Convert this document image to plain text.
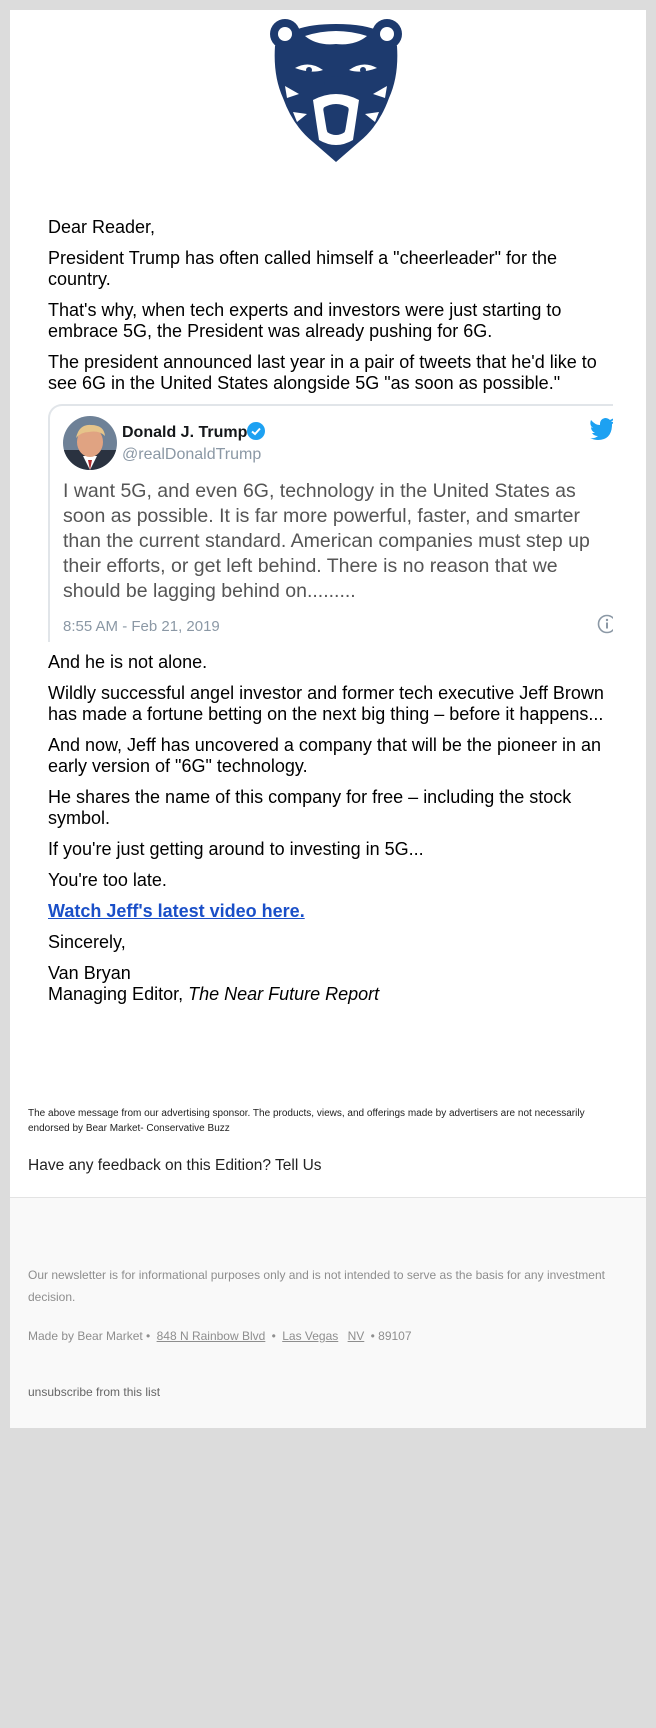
Dear Reader,

President Trump has often called himself a "cheerleader" for the country.

That's why, when tech experts and investors were just starting to embrace 5G, the President was already pushing for 6G.

The president announced last year in a pair of tweets that he'd like to see 6G in the United States alongside 5G "as soon as possible."

Donald J. Trump
@realDonaldTrump
I want 5G, and even 6G, technology in the United States as
soon as possible. It is far more powerful, faster, and smarter
than the current standard. American companies must step up
their efforts, or get left behind. There is no reason that we
should be lagging behind on.........
8:55 AM - Feb 21, 2019

And he is not alone.

Wildly successful angel investor and former tech executive Jeff Brown has made a fortune betting on the next big thing – before it happens...

And now, Jeff has uncovered a company that will be the pioneer in an early version of "6G" technology.

He shares the name of this company for free – including the stock symbol.

If you're just getting around to investing in 5G...

You're too late.

Watch Jeff's latest video here.

Sincerely,

Van Bryan
Managing Editor, The Near Future Report

The above message from our advertising sponsor. The products, views, and offerings made by advertisers are not necessarily endorsed by Bear Market- Conservative Buzz
Have any feedback on this Edition? Tell Us
Our newsletter is for informational purposes only and is not intended to serve as the basis for any investment decision.
Made by Bear Market • 848 N Rainbow Blvd • Las Vegas NV • 89107
unsubscribe from this list
